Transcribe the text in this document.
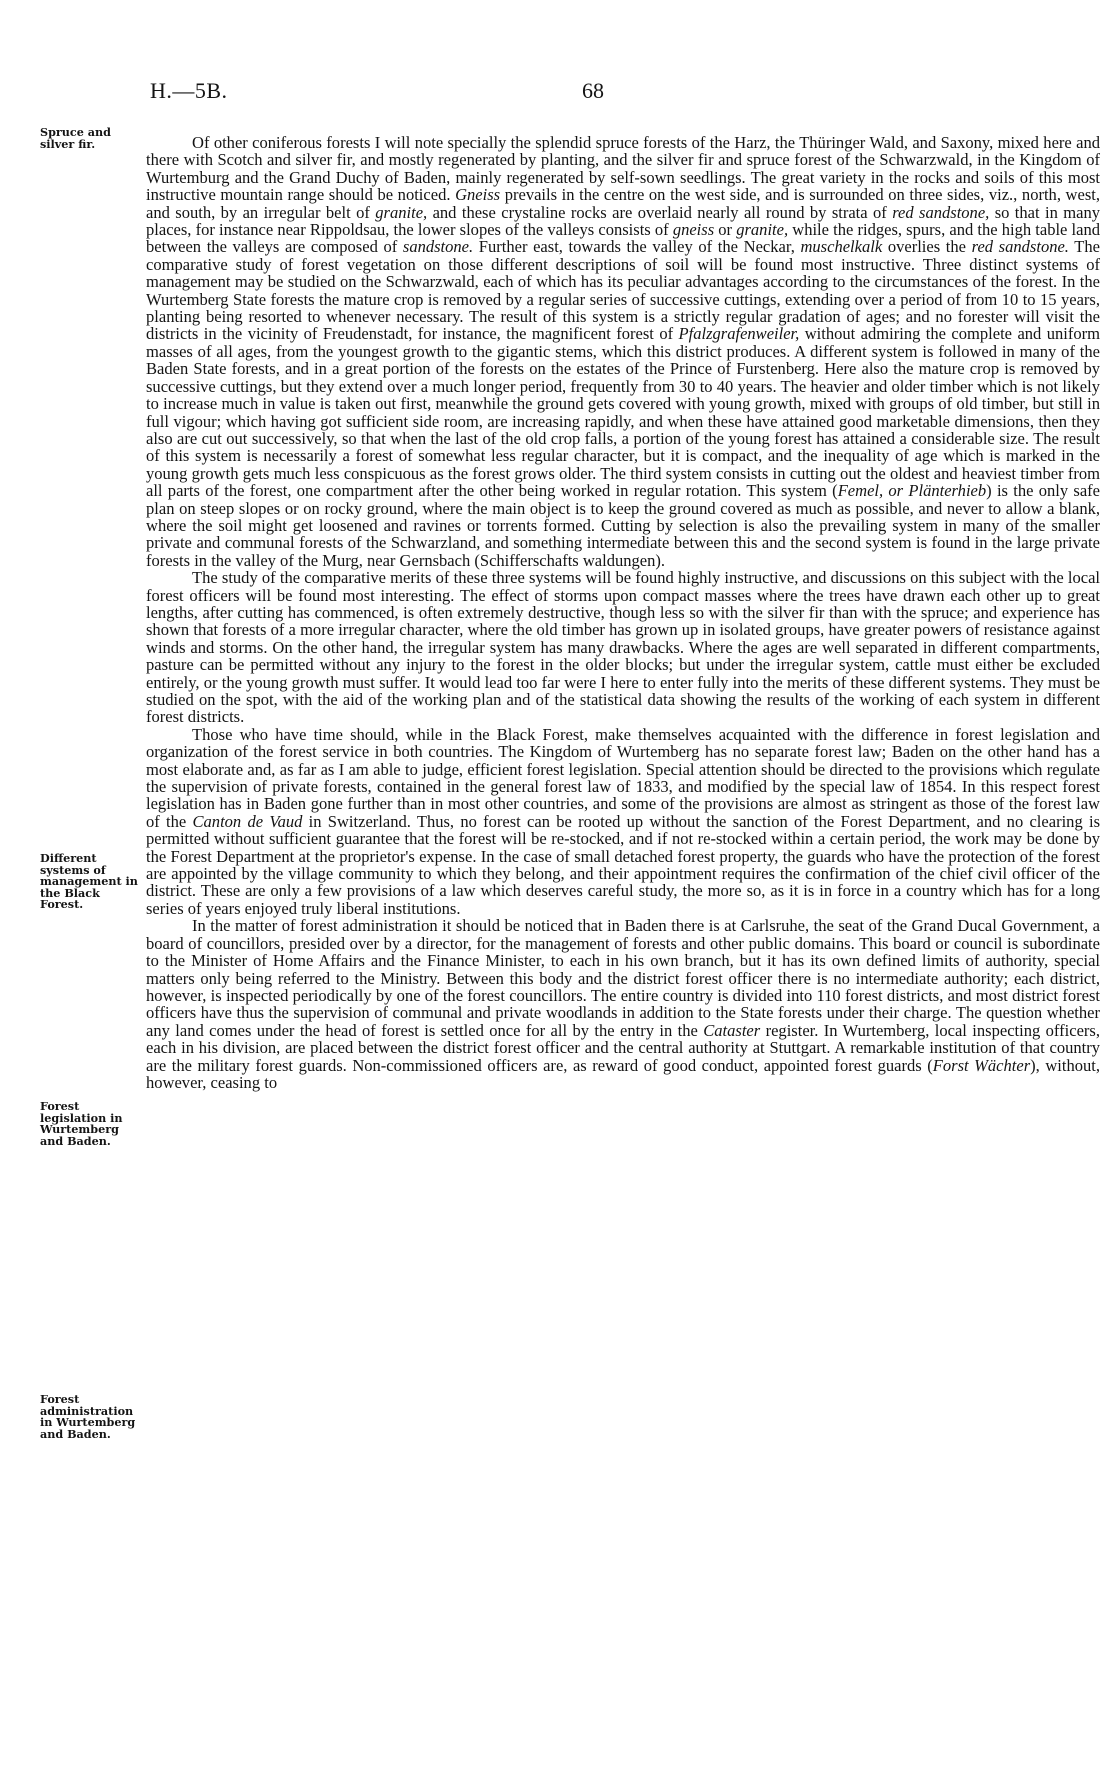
H.—5B.	68
Spruce and silver fir.
Different systems of management in the Black Forest.
Forest legislation in Wurtemberg and Baden.
Forest administration in Wurtemberg and Baden.

Of other coniferous forests I will note specially the splendid spruce forests of the Harz, the Thüringer Wald, and Saxony, mixed here and there with Scotch and silver fir, and mostly regenerated by planting, and the silver fir and spruce forest of the Schwarzwald, in the Kingdom of Wurtemburg and the Grand Duchy of Baden, mainly regenerated by self-sown seedlings. The great variety in the rocks and soils of this most instructive mountain range should be noticed. Gneiss prevails in the centre on the west side, and is surrounded on three sides, viz., north, west, and south, by an irregular belt of granite, and these crystaline rocks are overlaid nearly all round by strata of red sandstone, so that in many places, for instance near Rippoldsau, the lower slopes of the valleys consists of gneiss or granite, while the ridges, spurs, and the high table land between the valleys are composed of sandstone. Further east, towards the valley of the Neckar, muschelkalk overlies the red sandstone. The comparative study of forest vegetation on those different descriptions of soil will be found most instructive. Three distinct systems of management may be studied on the Schwarzwald, each of which has its peculiar advantages according to the circumstances of the forest. In the Wurtemberg State forests the mature crop is removed by a regular series of successive cuttings, extending over a period of from 10 to 15 years, planting being resorted to whenever necessary. The result of this system is a strictly regular gradation of ages; and no forester will visit the districts in the vicinity of Freudenstadt, for instance, the magnificent forest of Pfalzgrafenweiler, without admiring the complete and uniform masses of all ages, from the youngest growth to the gigantic stems, which this district produces. A different system is followed in many of the Baden State forests, and in a great portion of the forests on the estates of the Prince of Furstenberg. Here also the mature crop is removed by successive cuttings, but they extend over a much longer period, frequently from 30 to 40 years. The heavier and older timber which is not likely to increase much in value is taken out first, meanwhile the ground gets covered with young growth, mixed with groups of old timber, but still in full vigour; which having got sufficient side room, are increasing rapidly, and when these have attained good marketable dimensions, then they also are cut out successively, so that when the last of the old crop falls, a portion of the young forest has attained a considerable size. The result of this system is necessarily a forest of somewhat less regular character, but it is compact, and the inequality of age which is marked in the young growth gets much less conspicuous as the forest grows older. The third system consists in cutting out the oldest and heaviest timber from all parts of the forest, one compartment after the other being worked in regular rotation. This system (Femel, or Plänterhieb) is the only safe plan on steep slopes or on rocky ground, where the main object is to keep the ground covered as much as possible, and never to allow a blank, where the soil might get loosened and ravines or torrents formed. Cutting by selection is also the prevailing system in many of the smaller private and communal forests of the Schwarzland, and something intermediate between this and the second system is found in the large private forests in the valley of the Murg, near Gernsbach (Schifferschafts waldungen).

The study of the comparative merits of these three systems will be found highly instructive, and discussions on this subject with the local forest officers will be found most interesting. The effect of storms upon compact masses where the trees have drawn each other up to great lengths, after cutting has commenced, is often extremely destructive, though less so with the silver fir than with the spruce; and experience has shown that forests of a more irregular character, where the old timber has grown up in isolated groups, have greater powers of resistance against winds and storms. On the other hand, the irregular system has many drawbacks. Where the ages are well separated in different compartments, pasture can be permitted without any injury to the forest in the older blocks; but under the irregular system, cattle must either be excluded entirely, or the young growth must suffer. It would lead too far were I here to enter fully into the merits of these different systems. They must be studied on the spot, with the aid of the working plan and of the statistical data showing the results of the working of each system in different forest districts.

Those who have time should, while in the Black Forest, make themselves acquainted with the difference in forest legislation and organization of the forest service in both countries. The Kingdom of Wurtemberg has no separate forest law; Baden on the other hand has a most elaborate and, as far as I am able to judge, efficient forest legislation. Special attention should be directed to the provisions which regulate the supervision of private forests, contained in the general forest law of 1833, and modified by the special law of 1854. In this respect forest legislation has in Baden gone further than in most other countries, and some of the provisions are almost as stringent as those of the forest law of the Canton de Vaud in Switzerland. Thus, no forest can be rooted up without the sanction of the Forest Department, and no clearing is permitted without sufficient guarantee that the forest will be re-stocked, and if not re-stocked within a certain period, the work may be done by the Forest Department at the proprietor's expense. In the case of small detached forest property, the guards who have the protection of the forest are appointed by the village community to which they belong, and their appointment requires the confirmation of the chief civil officer of the district. These are only a few provisions of a law which deserves careful study, the more so, as it is in force in a country which has for a long series of years enjoyed truly liberal institutions.

In the matter of forest administration it should be noticed that in Baden there is at Carlsruhe, the seat of the Grand Ducal Government, a board of councillors, presided over by a director, for the management of forests and other public domains. This board or council is subordinate to the Minister of Home Affairs and the Finance Minister, to each in his own branch, but it has its own defined limits of authority, special matters only being referred to the Ministry. Between this body and the district forest officer there is no intermediate authority; each district, however, is inspected periodically by one of the forest councillors. The entire country is divided into 110 forest districts, and most district forest officers have thus the supervision of communal and private woodlands in addition to the State forests under their charge. The question whether any land comes under the head of forest is settled once for all by the entry in the Cataster register. In Wurtemberg, local inspecting officers, each in his division, are placed between the district forest officer and the central authority at Stuttgart. A remarkable institution of that country are the military forest guards. Non-commissioned officers are, as reward of good conduct, appointed forest guards (Forst Wächter), without, however, ceasing to
